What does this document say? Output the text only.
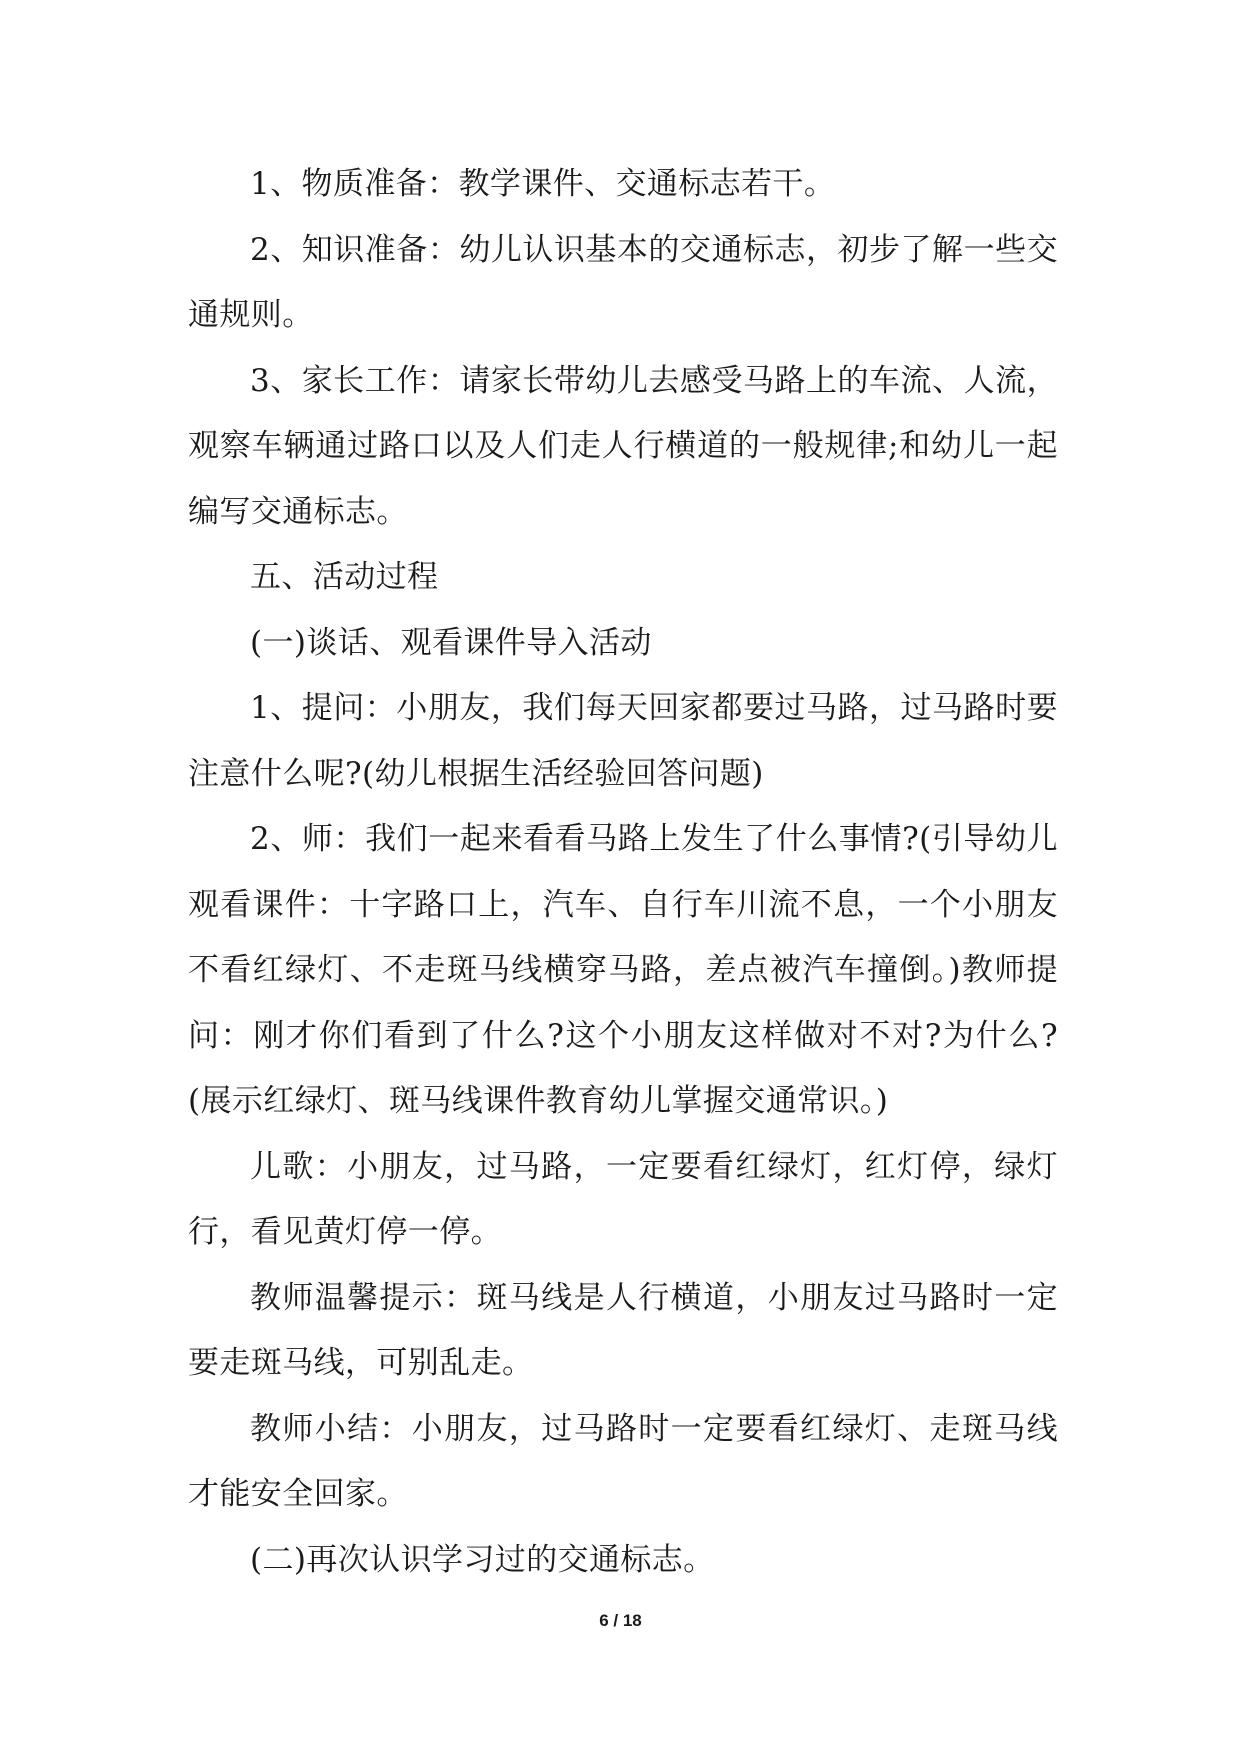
1、物质准备：教学课件、交通标志若干。

2、知识准备：幼儿认识基本的交通标志，初步了解一些交通规则。

3、家长工作：请家长带幼儿去感受马路上的车流、人流，观察车辆通过路口以及人们走人行横道的一般规律;和幼儿一起编写交通标志。

五、活动过程

(一)谈话、观看课件导入活动

1、提问：小朋友，我们每天回家都要过马路，过马路时要注意什么呢?(幼儿根据生活经验回答问题)

2、师：我们一起来看看马路上发生了什么事情?(引导幼儿观看课件：十字路口上，汽车、自行车川流不息，一个小朋友不看红绿灯、不走斑马线横穿马路，差点被汽车撞倒。)教师提问：刚才你们看到了什么?这个小朋友这样做对不对?为什么?(展示红绿灯、斑马线课件教育幼儿掌握交通常识。)

儿歌：小朋友，过马路，一定要看红绿灯，红灯停，绿灯行，看见黄灯停一停。

教师温馨提示：斑马线是人行横道，小朋友过马路时一定要走斑马线，可别乱走。

教师小结：小朋友，过马路时一定要看红绿灯、走斑马线才能安全回家。

(二)再次认识学习过的交通标志。

6 / 18
